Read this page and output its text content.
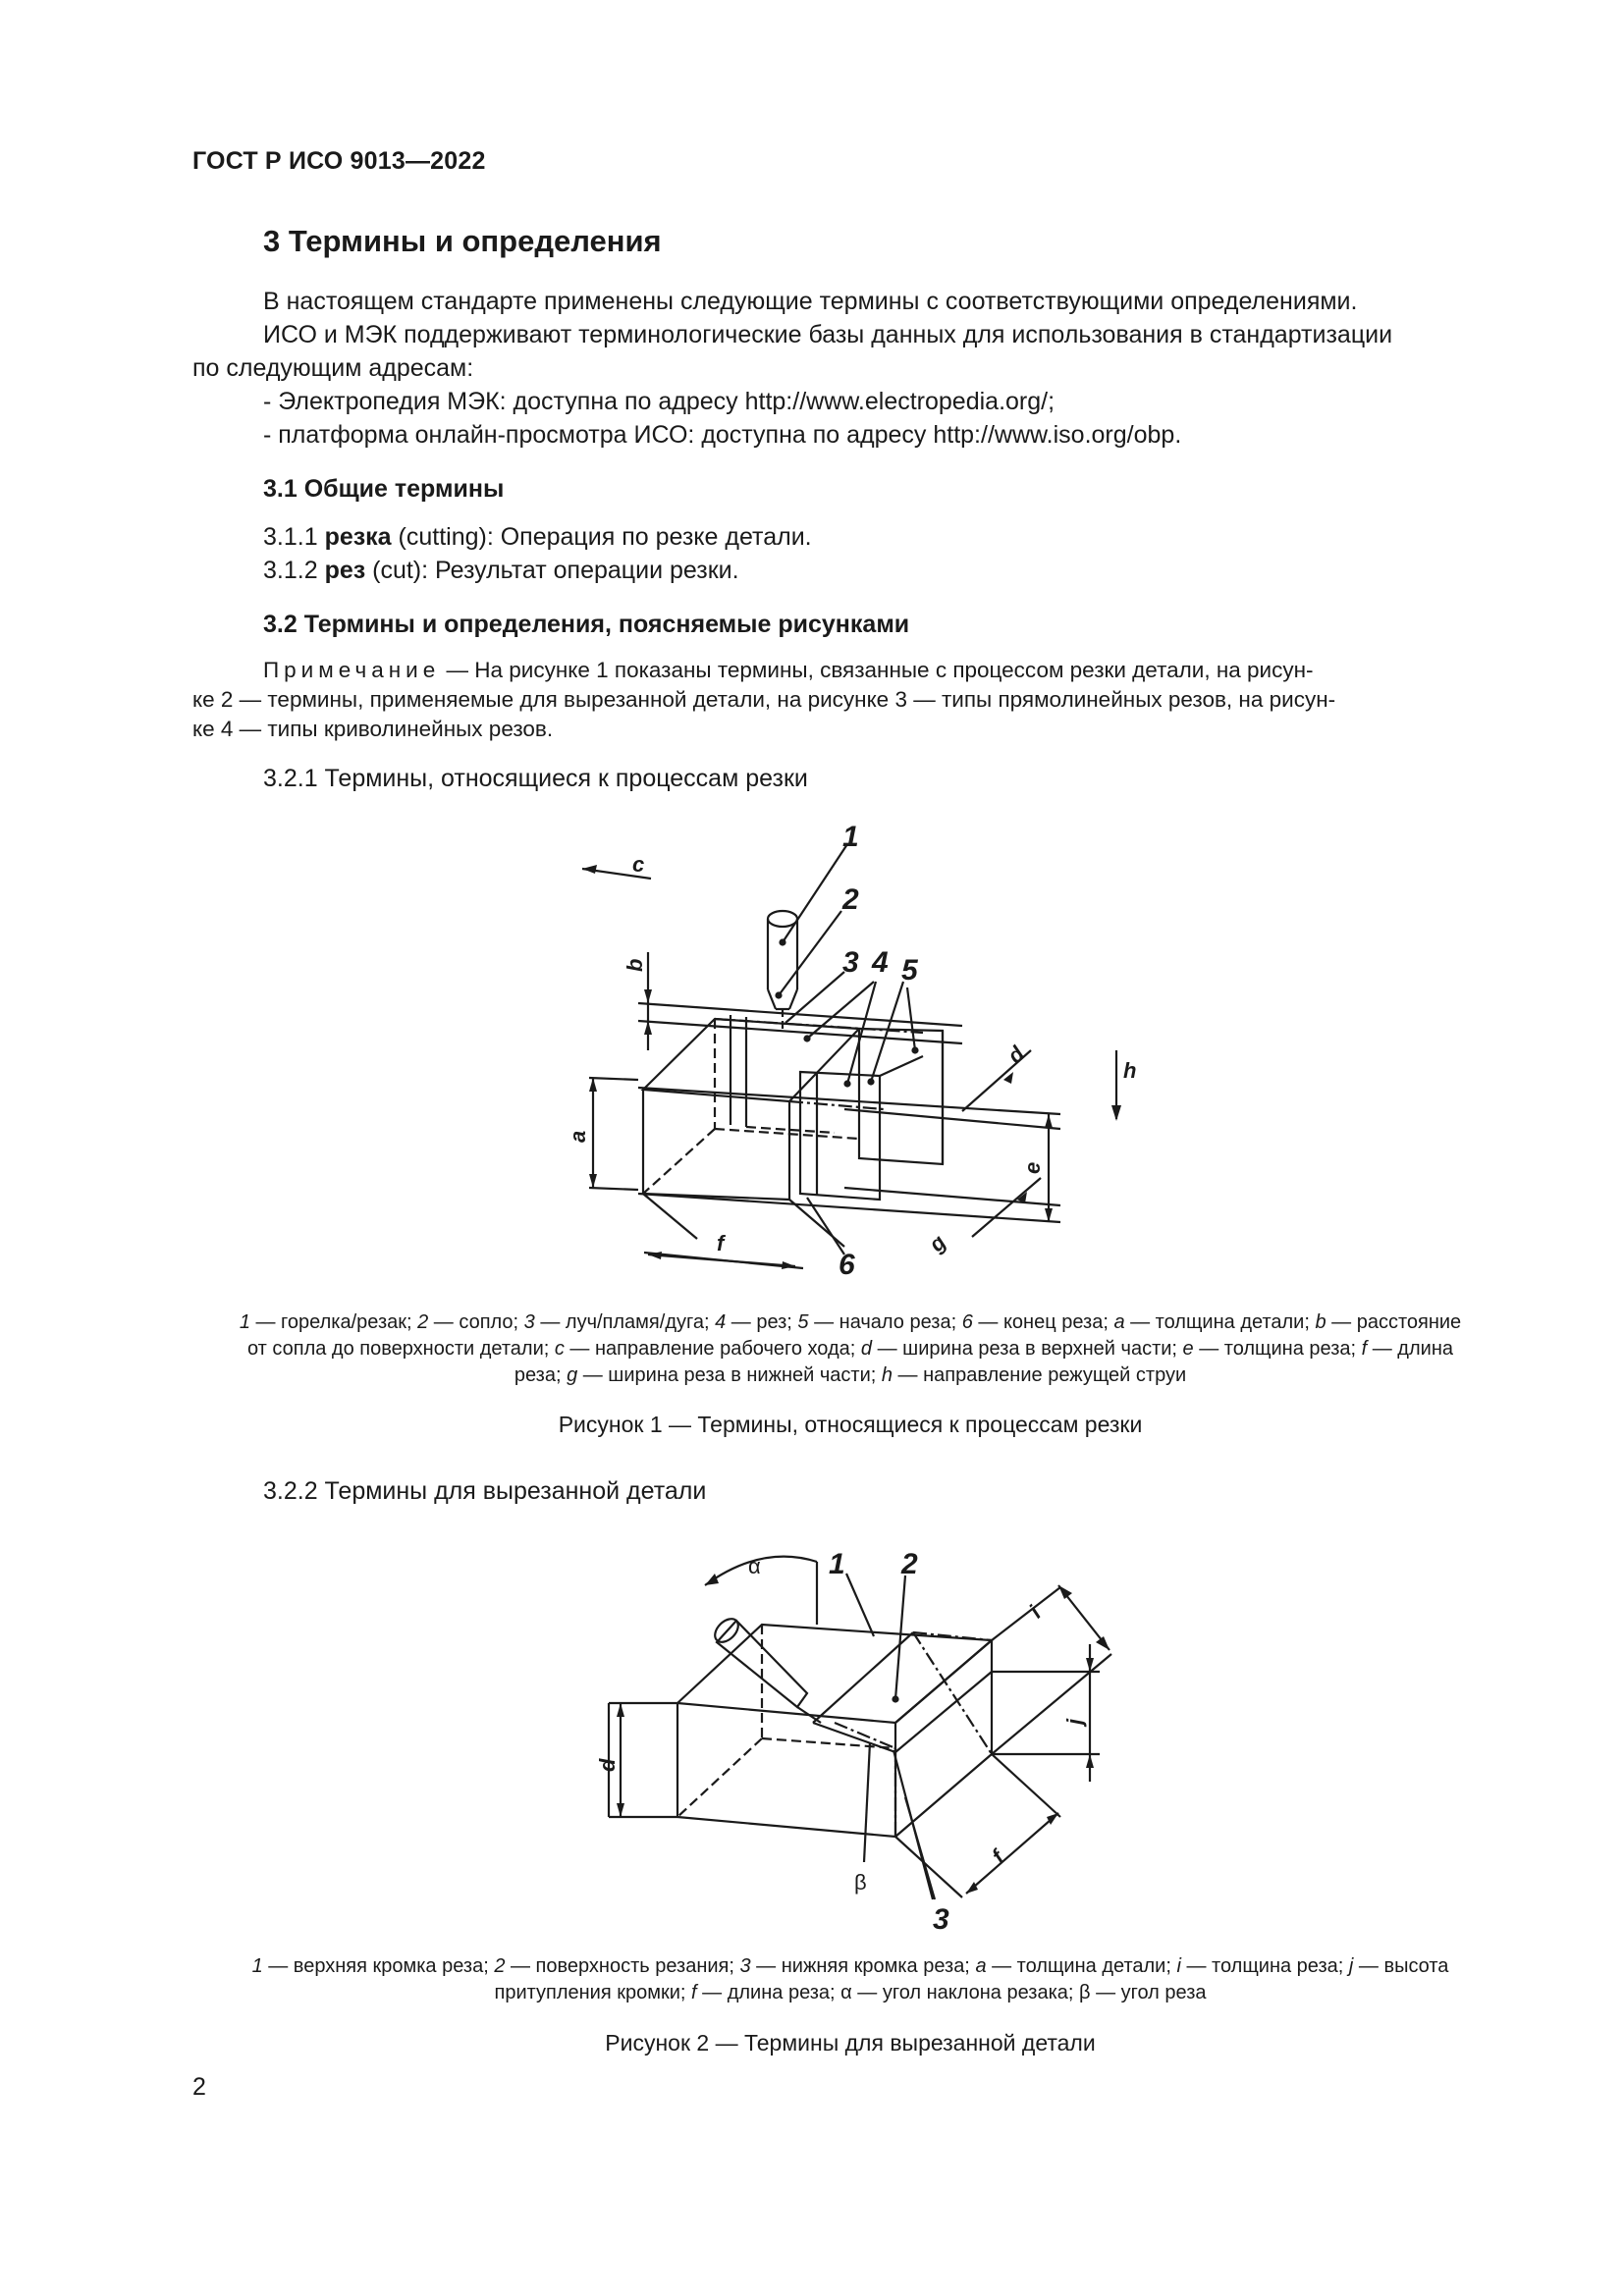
ГОСТ Р ИСО 9013—2022
3 Термины и определения
В настоящем стандарте применены следующие термины с соответствующими определениями.
ИСО и МЭК поддерживают терминологические базы данных для использования в стандартизации
по следующим адресам:
- Электропедия МЭК: доступна по адресу http://www.electropedia.org/;
- платформа онлайн-просмотра ИСО: доступна по адресу http://www.iso.org/obp.
3.1 Общие термины
3.1.1 резка (cutting): Операция по резке детали.
3.1.2 рез (cut): Результат операции резки.
3.2 Термины и определения, поясняемые рисунками
Примечание — На рисунке 1 показаны термины, связанные с процессом резки детали, на рисун-
ке 2 — термины, применяемые для вырезанной детали, на рисунке 3 — типы прямолинейных резов, на рисун-
ке 4 — типы криволинейных резов.
3.2.1 Термины, относящиеся к процессам резки
1
2
3 4 5
6
c
b
a
d
e
g
f
h
1 — горелка/резак; 2 — сопло; 3 — луч/пламя/дуга; 4 — рез; 5 — начало реза; 6 — конец реза; a — толщина детали; b — расстояние
от сопла до поверхности детали; c — направление рабочего хода; d — ширина реза в верхней части; e — толщина реза; f — длина
реза; g — ширина реза в нижней части; h — направление режущей струи
Рисунок 1 — Термины, относящиеся к процессам резки
3.2.2 Термины для вырезанной детали
1 2
3
α
β
d
i
j
f
1 — верхняя кромка реза; 2 — поверхность резания; 3 — нижняя кромка реза; a — толщина детали; i — толщина реза; j — высота
притупления кромки; f — длина реза; α — угол наклона резака; β — угол реза
Рисунок 2 — Термины для вырезанной детали
2
